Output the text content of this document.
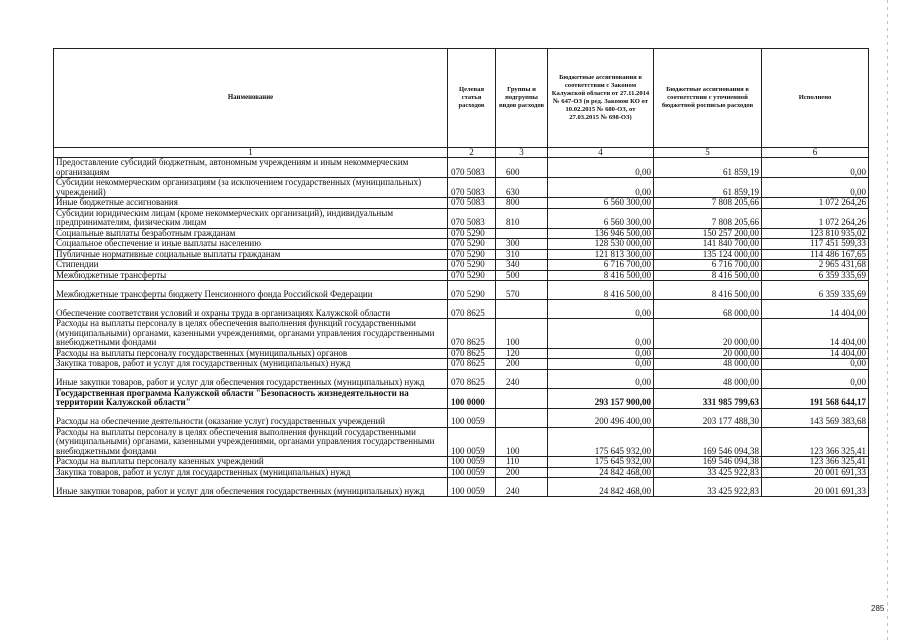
Наименование	Целевая статья расходов	Группы и подгруппы видов расходов	Бюджетные ассигнования в соответствии с Законом Калужской области от 27.11.2014 № 647-ОЗ (в ред. Законов КО от 10.02.2015 № 680-ОЗ, от 27.03.2015 № 698-ОЗ)	Бюджетные ассигнования в соответствии с уточненной бюджетной росписью расходов	Исполнено
1	2	3	4	5	6
Предоставление субсидий бюджетным, автономным учреждениям и иным некоммерческим организациям	070 5083	600	0,00	61 859,19	0,00
Субсидии некоммерческим организациям (за исключением государственных (муниципальных) учреждений)	070 5083	630	0,00	61 859,19	0,00
Иные бюджетные ассигнования	070 5083	800	6 560 300,00	7 808 205,66	1 072 264,26
Субсидии юридическим лицам (кроме некоммерческих организаций), индивидуальным предпринимателям, физическим лицам	070 5083	810	6 560 300,00	7 808 205,66	1 072 264,26
Социальные выплаты безработным гражданам	070 5290		136 946 500,00	150 257 200,00	123 810 935,02
Социальное обеспечение и иные выплаты населению	070 5290	300	128 530 000,00	141 840 700,00	117 451 599,33
Публичные нормативные социальные выплаты гражданам	070 5290	310	121 813 300,00	135 124 000,00	114 486 167,65
Стипендии	070 5290	340	6 716 700,00	6 716 700,00	2 965 431,68
Межбюджетные трансферты	070 5290	500	8 416 500,00	8 416 500,00	6 359 335,69
Межбюджетные трансферты бюджету Пенсионного фонда Российской Федерации	070 5290	570	8 416 500,00	8 416 500,00	6 359 335,69
Обеспечение соответствия условий и охраны труда в организациях Калужской области	070 8625		0,00	68 000,00	14 404,00
Расходы на выплаты персоналу в целях обеспечения выполнения функций государственными (муниципальными) органами, казенными учреждениями, органами управления государственными внебюджетными фондами	070 8625	100	0,00	20 000,00	14 404,00
Расходы на выплаты персоналу государственных (муниципальных) органов	070 8625	120	0,00	20 000,00	14 404,00
Закупка товаров, работ и услуг для государственных (муниципальных) нужд	070 8625	200	0,00	48 000,00	0,00
Иные закупки товаров, работ и услуг для обеспечения государственных (муниципальных) нужд	070 8625	240	0,00	48 000,00	0,00
Государственная программа Калужской области "Безопасность жизнедеятельности на территории Калужской области"	100 0000		293 157 900,00	331 985 799,63	191 568 644,17
Расходы на обеспечение деятельности (оказание услуг) государственных учреждений	100 0059		200 496 400,00	203 177 488,30	143 569 383,68
Расходы на выплаты персоналу в целях обеспечения выполнения функций государственными (муниципальными) органами, казенными учреждениями, органами управления государственными внебюджетными фондами	100 0059	100	175 645 932,00	169 546 094,38	123 366 325,41
Расходы на выплаты персоналу казенных учреждений	100 0059	110	175 645 932,00	169 546 094,38	123 366 325,41
Закупка товаров, работ и услуг для государственных (муниципальных) нужд	100 0059	200	24 842 468,00	33 425 922,83	20 001 691,33
Иные закупки товаров, работ и услуг для обеспечения государственных (муниципальных) нужд	100 0059	240	24 842 468,00	33 425 922,83	20 001 691,33
285
